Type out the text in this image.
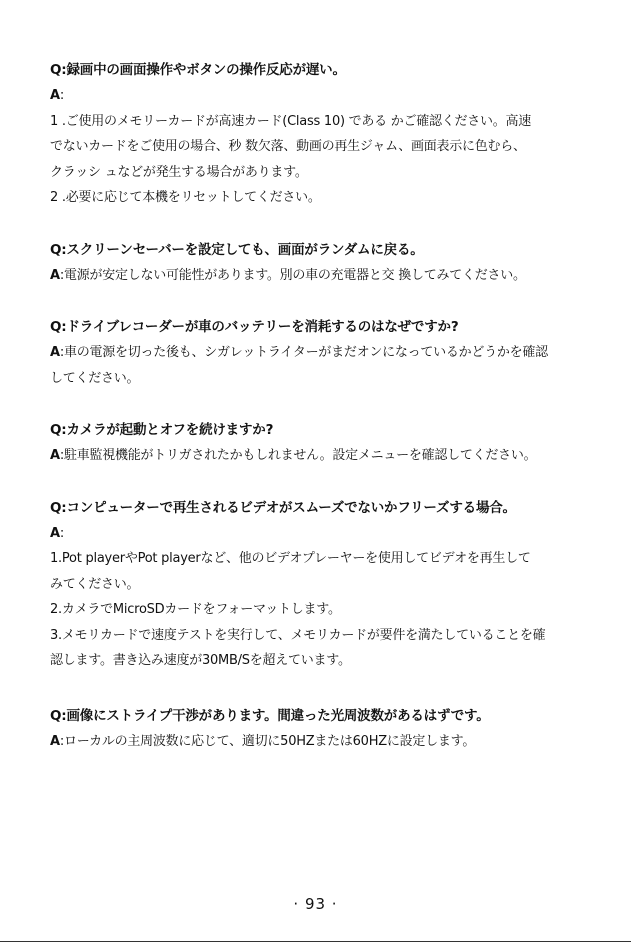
Q:録画中の画面操作やボタンの操作反応が遅い。
A:
1 .ご使用のメモリーカードが高速カード(Class 10) である かご確認ください。高速
でないカードをご使用の場合、秒 数欠落、動画の再生ジャム、画面表示に色むら、
クラッシ ュなどが発生する場合があります。
2 .必要に応じて本機をリセットしてください。
Q:スクリーンセーバーを設定しても、画面がランダムに戻る。
A:電源が安定しない可能性があります。別の車の充電器と交 換してみてください。
Q:ドライブレコーダーが車のバッテリーを消耗するのはなぜですか?
A:車の電源を切った後も、シガレットライターがまだオンになっているかどうかを確認
してください。
Q:カメラが起動とオフを続けますか?
A:駐車監視機能がトリガされたかもしれません。設定メニューを確認してください。
Q:コンピューターで再生されるビデオがスムーズでないかフリーズする場合。
A:
1.Pot playerやPot playerなど、他のビデオプレーヤーを使用してビデオを再生して
みてください。
2.カメラでMicroSDカードをフォーマットします。
3.メモリカードで速度テストを実行して、メモリカードが要件を満たしていることを確
認します。書き込み速度が30MB/Sを超えています。
Q:画像にストライプ干渉があります。間違った光周波数があるはずです。
A:ローカルの主周波数に応じて、適切に50HZまたは60HZに設定します。
· 93 ·
